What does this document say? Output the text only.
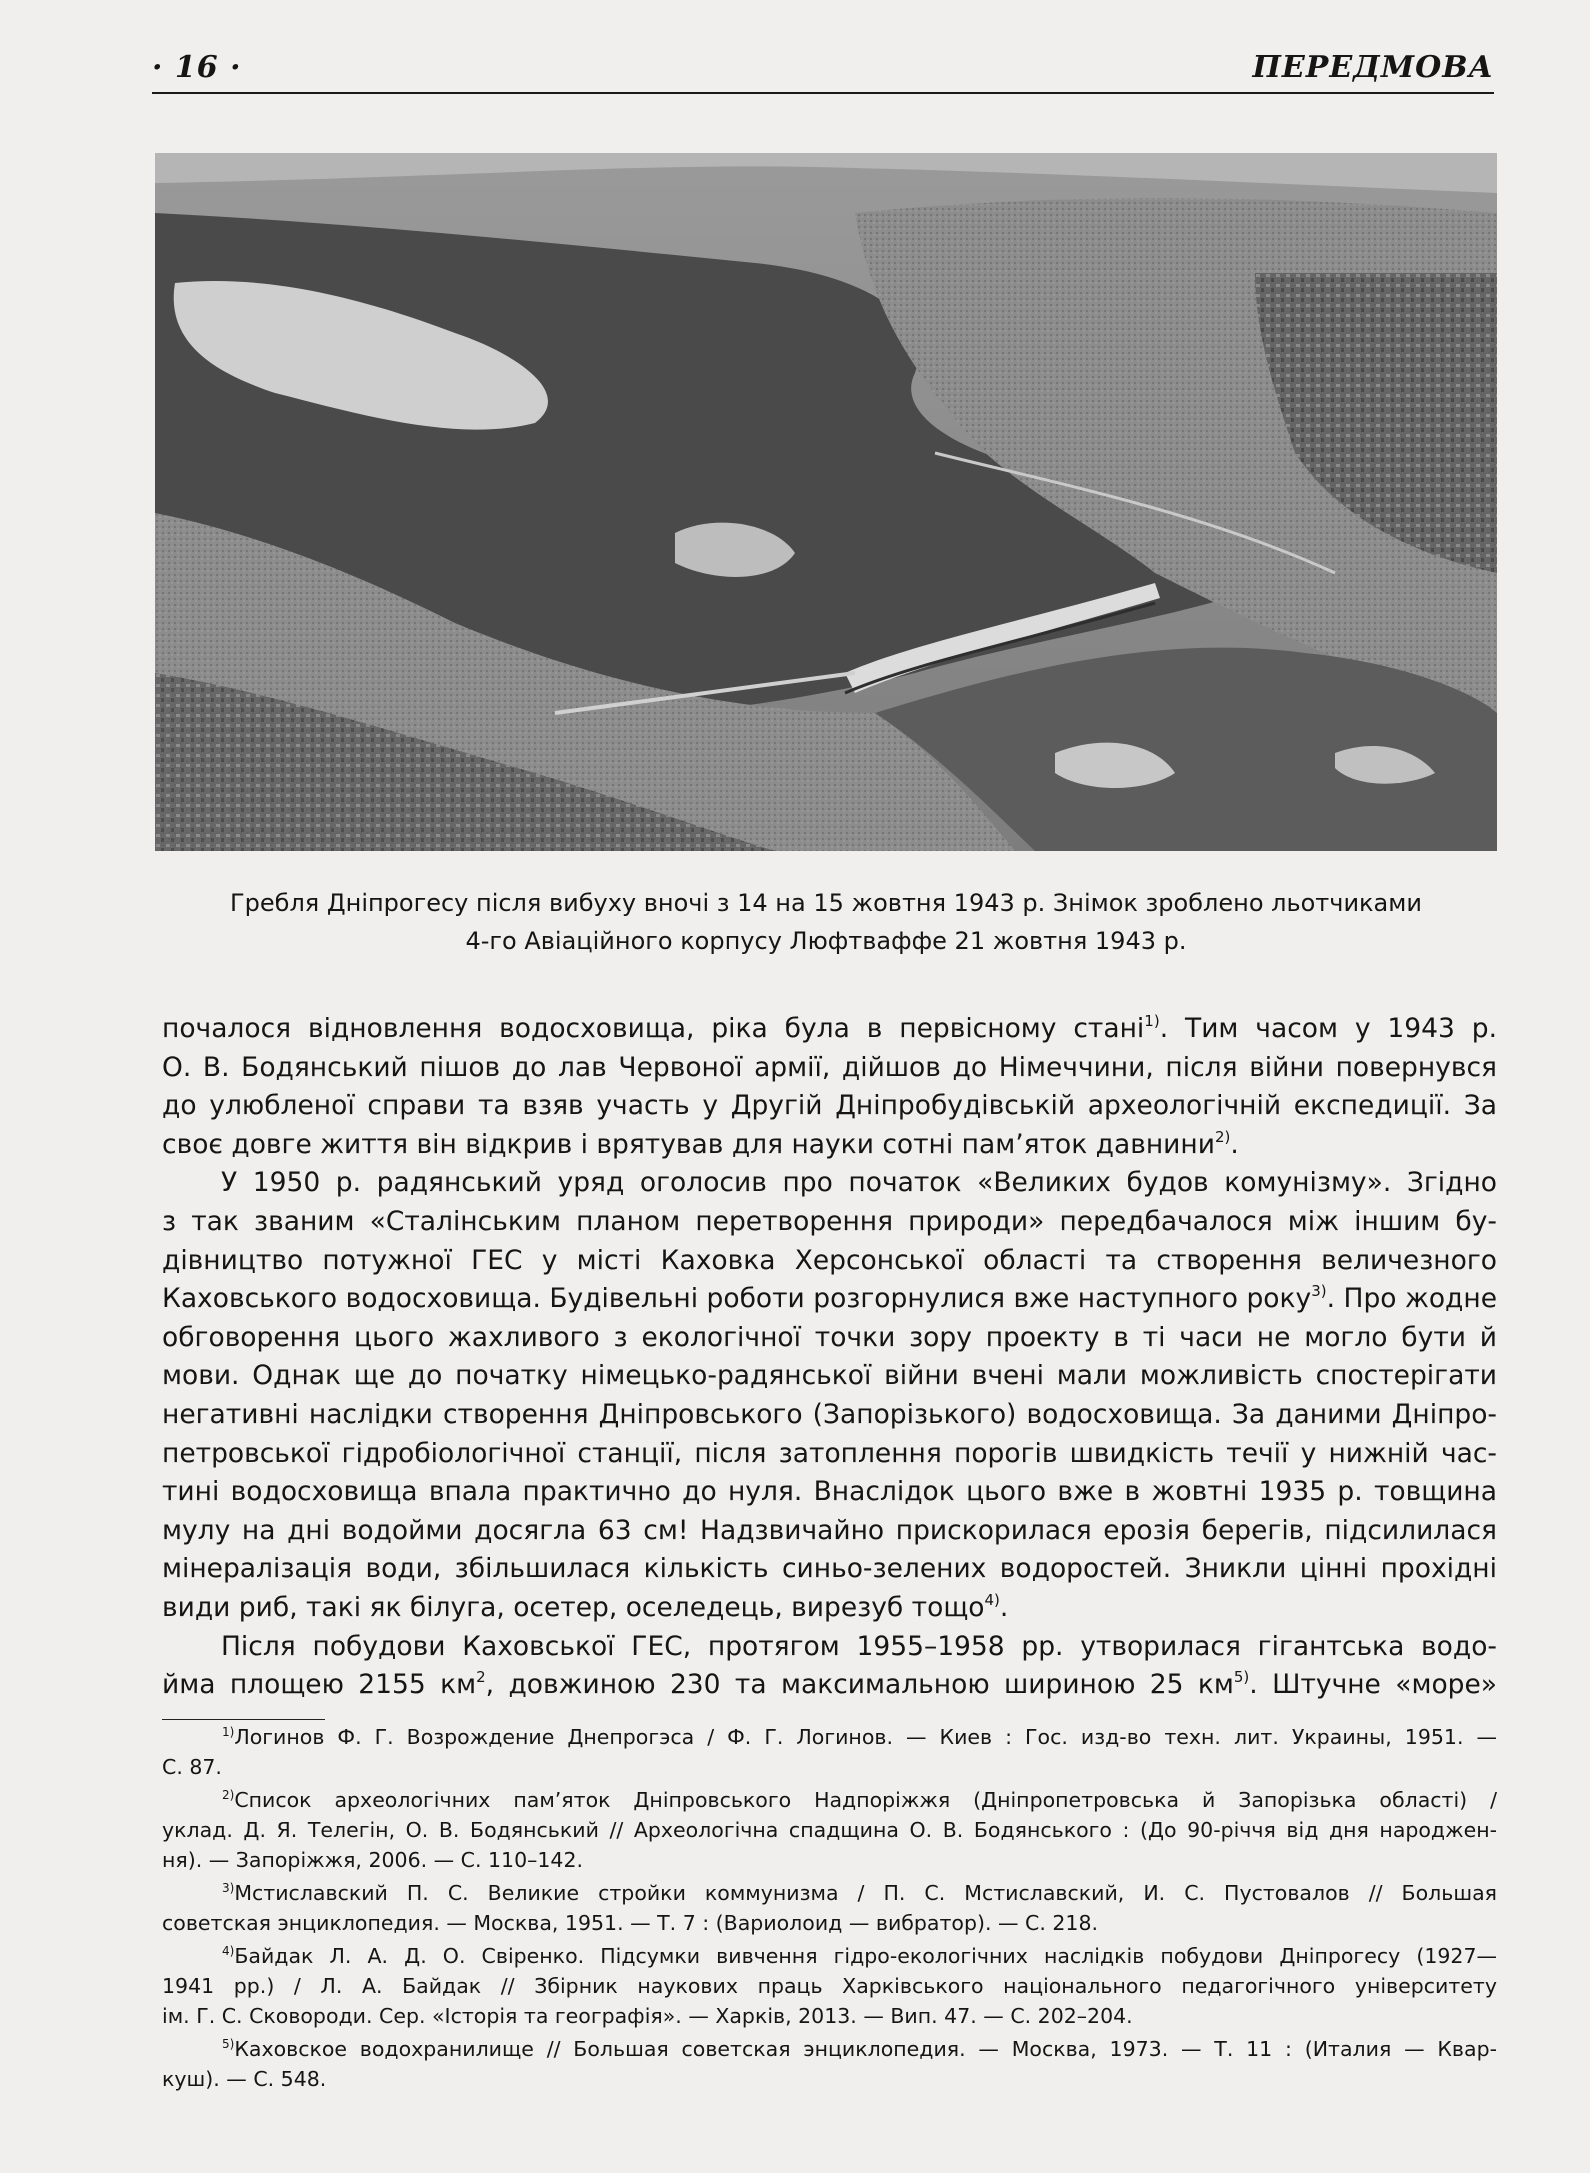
· 16 ·	ПЕРЕДМОВА
Гребля Дніпрогесу після вибуху вночі з 14 на 15 жовтня 1943 р. Знімок зроблено льотчиками
4-го Авіаційного корпусу Люфтваффе 21 жовтня 1943 р.
почалося відновлення водосховища, ріка була в первісному стані$^{1)}$. Тим часом у 1943 р.
О. В. Бодянський пішов до лав Червоної армії, дійшов до Німеччини, після війни повернувся
до улюбленої справи та взяв участь у Другій Дніпробудівській археологічній експедиції. За
своє довге життя він відкрив і врятував для науки сотні пам’яток давнини$^{2)}$.
У 1950 р. радянський уряд оголосив про початок «Великих будов комунізму». Згідно
з так званим «Сталінським планом перетворення природи» передбачалося між іншим бу-
дівництво потужної ГЕС у місті Каховка Херсонської області та створення величезного
Каховського водосховища. Будівельні роботи розгорнулися вже наступного року$^{3)}$. Про жодне
обговорення цього жахливого з екологічної точки зору проекту в ті часи не могло бути й
мови. Однак ще до початку німецько-радянської війни вчені мали можливість спостерігати
негативні наслідки створення Дніпровського (Запорізького) водосховища. За даними Дніпро-
петровської гідробіологічної станції, після затоплення порогів швидкість течії у нижній час-
тині водосховища впала практично до нуля. Внаслідок цього вже в жовтні 1935 р. товщина
мулу на дні водойми досягла 63 см! Надзвичайно прискорилася ерозія берегів, підсилилася
мінералізація води, збільшилася кількість синьо-зелених водоростей. Зникли цінні прохідні
види риб, такі як білуга, осетер, оселедець, вирезуб тощо$^{4)}$.
Після побудови Каховської ГЕС, протягом 1955–1958 рр. утворилася гігантська водо-
йма площею 2155 $км^2$, довжиною 230 та максимальною шириною 25 $км^{5)}$. Штучне «море»
$^{1)}$Логинов Ф. Г. Возрождение Днепрогэса / Ф. Г. Логинов. — Киев : Гос. изд-во техн. лит. Украины, 1951. —
С. 87.
$^{2)}$Список археологічних пам’яток Дніпровського Надпоріжжя (Дніпропетровська й Запорізька області) /
уклад. Д. Я. Телегін, О. В. Бодянський // Археологічна спадщина О. В. Бодянського : (До 90-річчя від дня народжен-
ня). — Запоріжжя, 2006. — С. 110–142.
$^{3)}$Мстиславский П. С. Великие стройки коммунизма / П. С. Мстиславский, И. С. Пустовалов // Большая
советская энциклопедия. — Москва, 1951. — Т. 7 : (Вариолоид — вибратор). — С. 218.
$^{4)}$Байдак Л. А. Д. О. Свіренко. Підсумки вивчення гідро-екологічних наслідків побудови Дніпрогесу (1927—
1941 рр.) / Л. А. Байдак // Збірник наукових праць Харківського національного педагогічного університету
ім. Г. С. Сковороди. Сер. «Історія та географія». — Харків, 2013. — Вип. 47. — С. 202–204.
$^{5)}$Каховское водохранилище // Большая советская энциклопедия. — Москва, 1973. — Т. 11 : (Италия — Квар-
куш). — С. 548.
